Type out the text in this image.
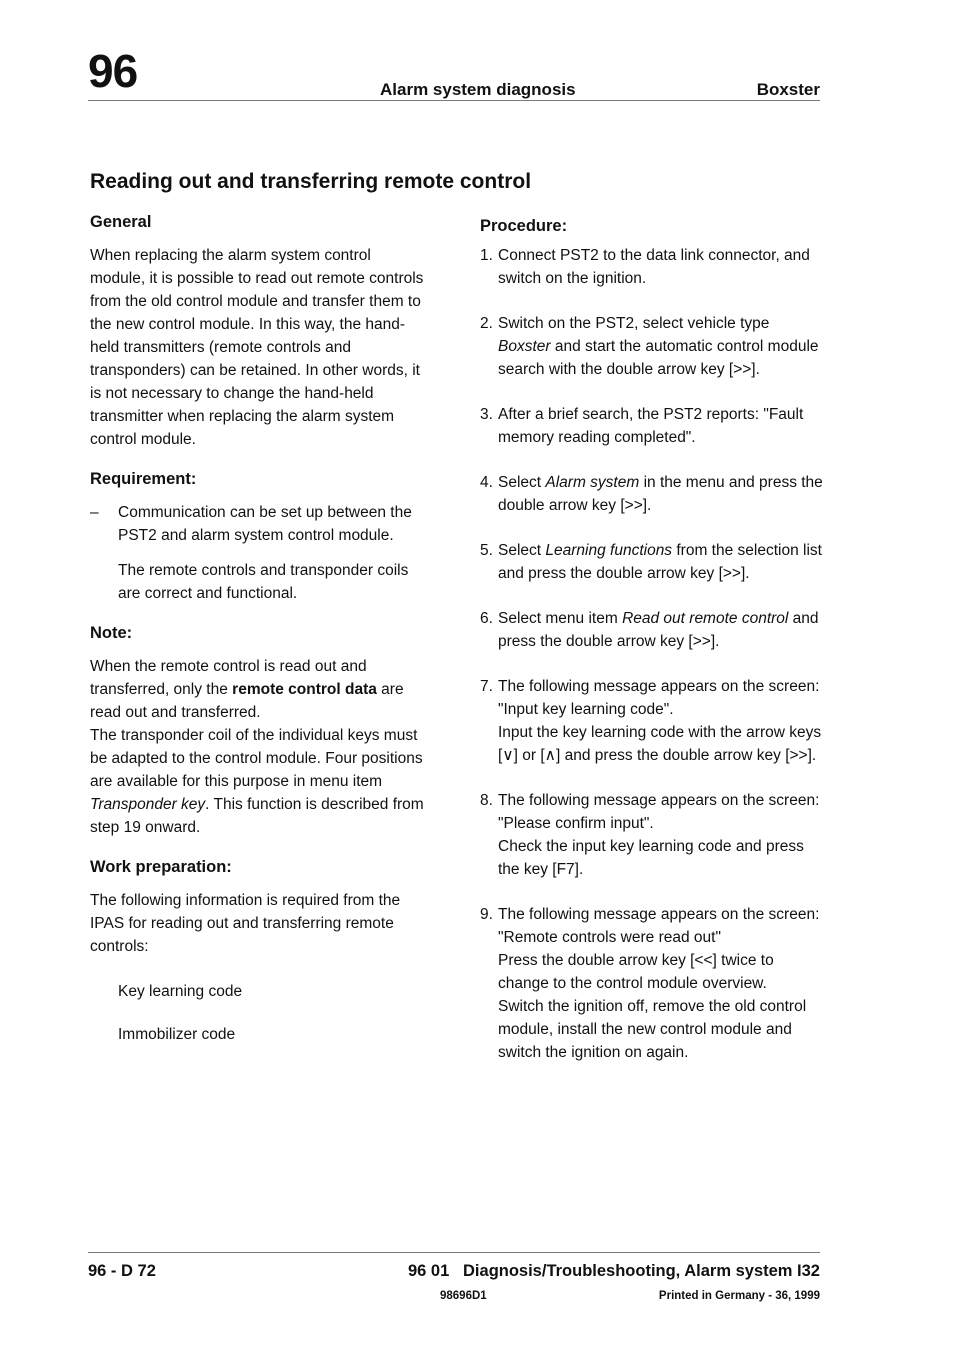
96	Alarm system diagnosis	Boxster
Reading out and transferring remote control
General

When replacing the alarm system control module, it is possible to read out remote controls from the old control module and transfer them to the new control module. In this way, the hand-held transmitters (remote controls and transponders) can be retained. In other words, it is not necessary to change the hand-held transmitter when replacing the alarm system control module.

Requirement:
–	Communication can be set up between the PST2 and alarm system control module.
The remote controls and transponder coils are correct and functional.
Note:
When the remote control is read out and transferred, only the remote control data are read out and transferred.
The transponder coil of the individual keys must be adapted to the control module. Four positions are available for this purpose in menu item Transponder key. This function is described from step 19 onward.
Work preparation:

The following information is required from the IPAS for reading out and transferring remote controls:

Key learning code
Immobilizer code
Procedure:
1. Connect PST2 to the data link connector, and switch on the ignition.
2. Switch on the PST2, select vehicle type Boxster and start the automatic control module search with the double arrow key [>>].
3. After a brief search, the PST2 reports: "Fault memory reading completed".
4. Select Alarm system in the menu and press the double arrow key [>>].
5. Select Learning functions from the selection list and press the double arrow key [>>].
6. Select menu item Read out remote control and press the double arrow key [>>].
7. The following message appears on the screen:
"Input key learning code".
Input the key learning code with the arrow keys [∨] or [∧] and press the double arrow key [>>].
8. The following message appears on the screen:
"Please confirm input".
Check the input key learning code and press the key [F7].
9. The following message appears on the screen:
"Remote controls were read out"
Press the double arrow key [<<] twice to change to the control module overview.
Switch the ignition off, remove the old control module, install the new control module and switch the ignition on again.
96 - D 72	96 01   Diagnosis/Troubleshooting, Alarm system I32
98696D1	Printed in Germany - 36, 1999
